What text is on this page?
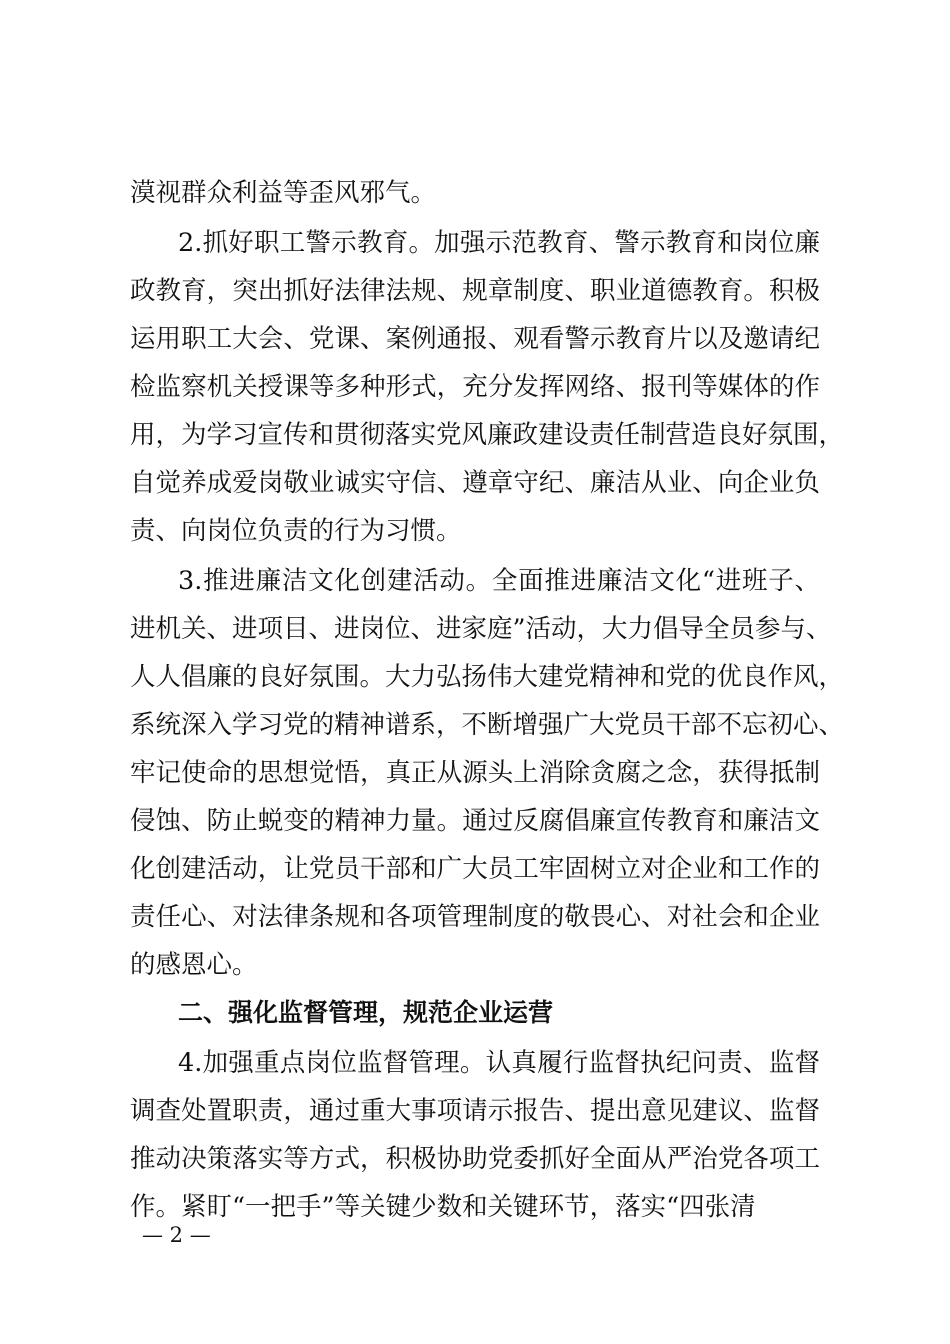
漠视群众利益等歪风邪气。
2.抓好职工警示教育。加强示范教育、警示教育和岗位廉
政教育，突出抓好法律法规、规章制度、职业道德教育。积极
运用职工大会、党课、案例通报、观看警示教育片以及邀请纪
检监察机关授课等多种形式，充分发挥网络、报刊等媒体的作
用，为学习宣传和贯彻落实党风廉政建设责任制营造良好氛围，
自觉养成爱岗敬业诚实守信、遵章守纪、廉洁从业、向企业负
责、向岗位负责的行为习惯。
3.推进廉洁文化创建活动。全面推进廉洁文化“进班子、
进机关、进项目、进岗位、进家庭”活动，大力倡导全员参与、
人人倡廉的良好氛围。大力弘扬伟大建党精神和党的优良作风，
系统深入学习党的精神谱系，不断增强广大党员干部不忘初心、
牢记使命的思想觉悟，真正从源头上消除贪腐之念，获得抵制
侵蚀、防止蜕变的精神力量。通过反腐倡廉宣传教育和廉洁文
化创建活动，让党员干部和广大员工牢固树立对企业和工作的
责任心、对法律条规和各项管理制度的敬畏心、对社会和企业
的感恩心。
二、强化监督管理，规范企业运营
4.加强重点岗位监督管理。认真履行监督执纪问责、监督
调查处置职责，通过重大事项请示报告、提出意见建议、监督
推动决策落实等方式，积极协助党委抓好全面从严治党各项工
作。紧盯“一把手”等关键少数和关键环节，落实“四张清
— 2 —
